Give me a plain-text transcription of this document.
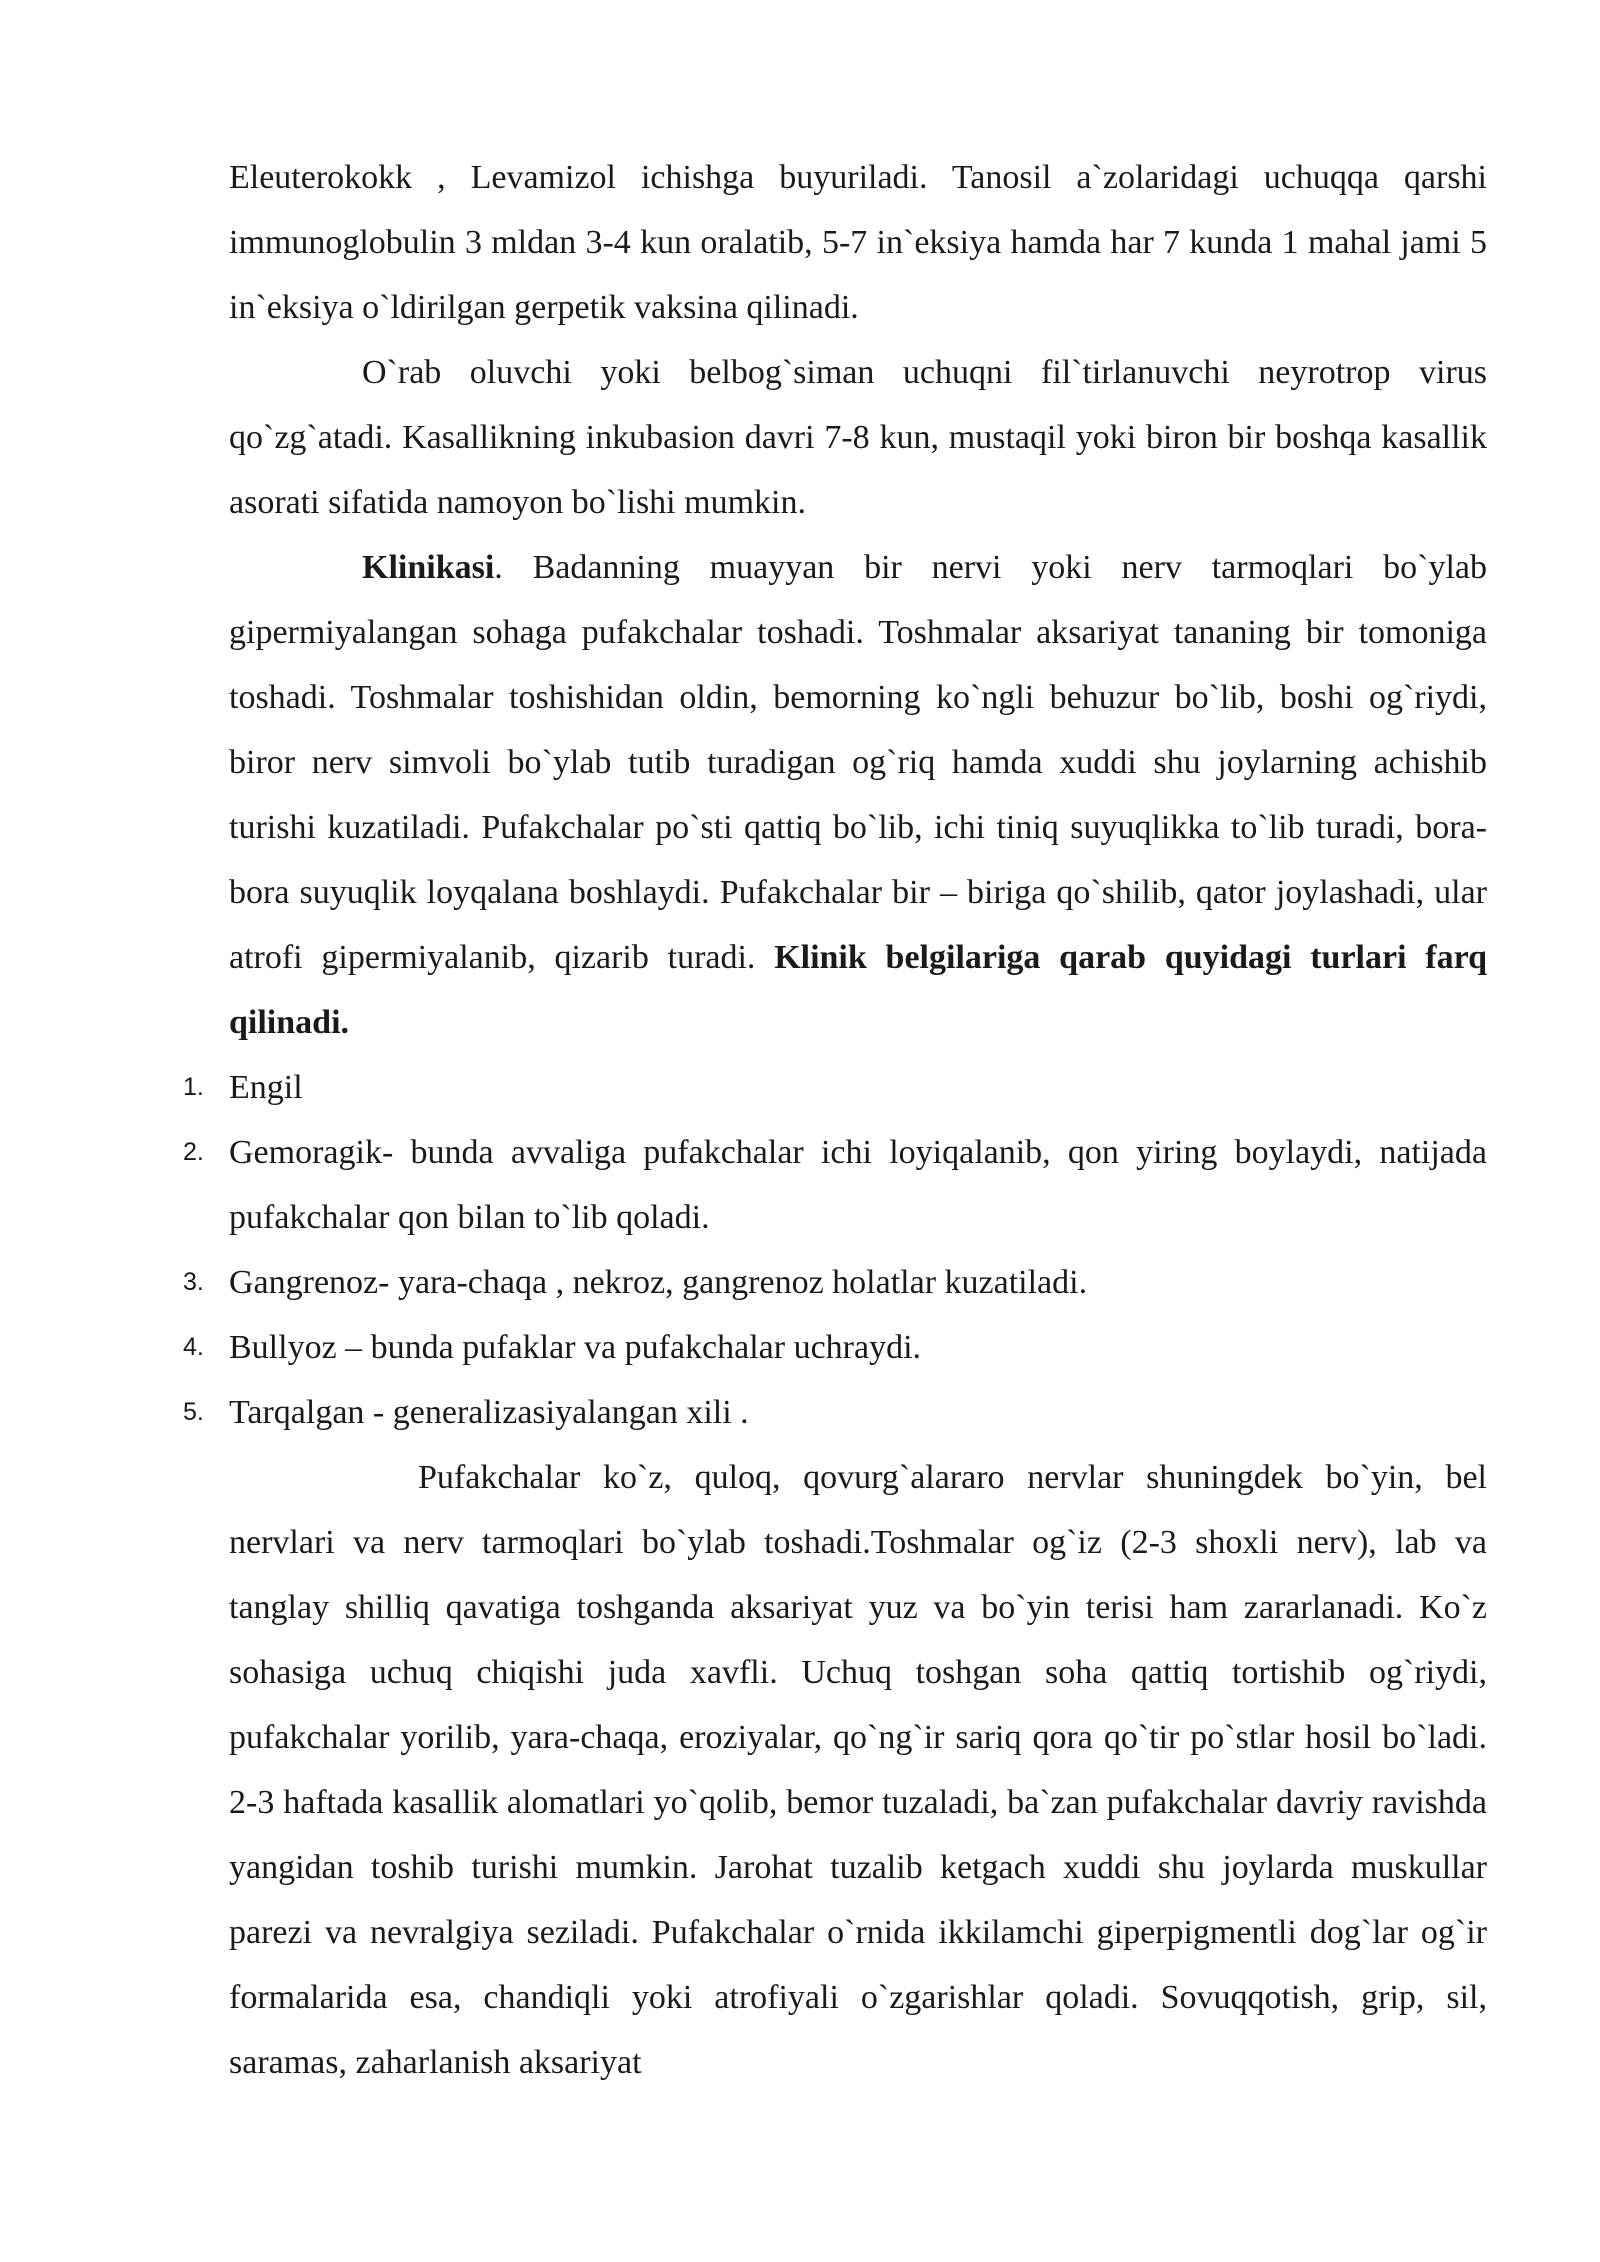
Eleuterokokk , Levamizol ichishga buyuriladi. Tanosil a`zolaridagi uchuqqa qarshi immunoglobulin 3 mldan 3-4 kun oralatib, 5-7 in`eksiya hamda har 7 kunda 1 mahal jami 5 in`eksiya o`ldirilgan gerpetik vaksina qilinadi.

O`rab oluvchi yoki belbog`siman uchuqni fil`tirlanuvchi neyrotrop virus qo`zg`atadi. Kasallikning inkubasion davri 7-8 kun, mustaqil yoki biron bir boshqa kasallik asorati sifatida namoyon bo`lishi mumkin.

Klinikasi. Badanning muayyan bir nervi yoki nerv tarmoqlari bo`ylab gipermiyalangan sohaga pufakchalar toshadi. Toshmalar aksariyat tananing bir tomoniga toshadi. Toshmalar toshishidan oldin, bemorning ko`ngli behuzur bo`lib, boshi og`riydi, biror nerv simvoli bo`ylab tutib turadigan og`riq hamda xuddi shu joylarning achishib turishi kuzatiladi. Pufakchalar po`sti qattiq bo`lib, ichi tiniq suyuqlikka to`lib turadi, bora-bora suyuqlik loyqalana boshlaydi. Pufakchalar bir – biriga qo`shilib, qator joylashadi, ular atrofi gipermiyalanib, qizarib turadi. Klinik belgilariga qarab quyidagi turlari farq qilinadi.

1. Engil
2. Gemoragik- bunda avvaliga pufakchalar ichi loyiqalanib, qon yiring boylaydi, natijada pufakchalar qon bilan to`lib qoladi.
3. Gangrenoz- yara-chaqa , nekroz, gangrenoz holatlar kuzatiladi.
4. Bullyoz – bunda pufaklar va pufakchalar uchraydi.
5. Tarqalgan - generalizasiyalangan xili .

Pufakchalar ko`z, quloq, qovurg`alararo nervlar shuningdek bo`yin, bel nervlari va nerv tarmoqlari bo`ylab toshadi.Toshmalar og`iz (2-3 shoxli nerv), lab va tanglay shilliq qavatiga toshganda aksariyat yuz va bo`yin terisi ham zararlanadi. Ko`z sohasiga uchuq chiqishi juda xavfli. Uchuq toshgan soha qattiq tortishib og`riydi, pufakchalar yorilib, yara-chaqa, eroziyalar, qo`ng`ir sariq qora qo`tir po`stlar hosil bo`ladi. 2-3 haftada kasallik alomatlari yo`qolib, bemor tuzaladi, ba`zan pufakchalar davriy ravishda yangidan toshib turishi mumkin. Jarohat tuzalib ketgach xuddi shu joylarda muskullar parezi va nevralgiya seziladi. Pufakchalar o`rnida ikkilamchi giperpigmentli dog`lar og`ir formalarida esa, chandiqli yoki atrofiyali o`zgarishlar qoladi. Sovuqqotish, grip, sil, saramas, zaharlanish aksariyat
